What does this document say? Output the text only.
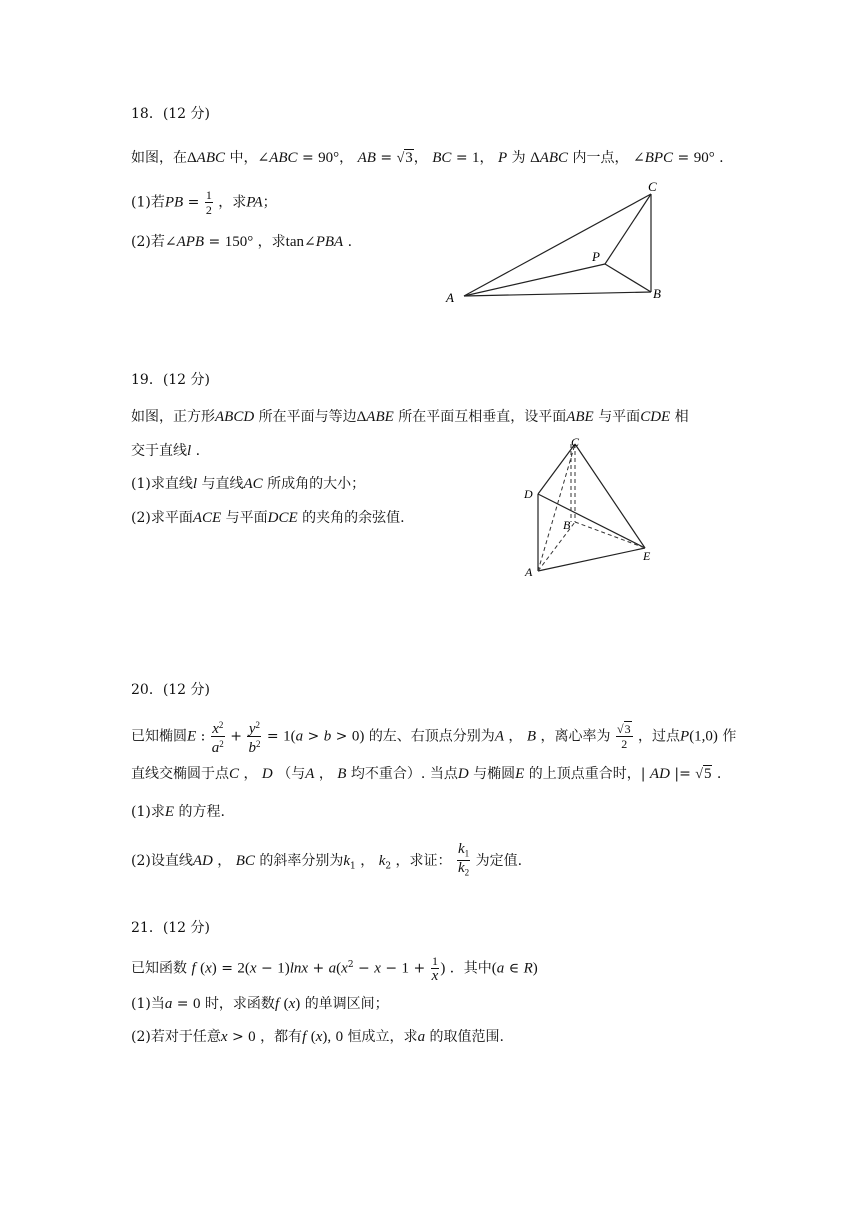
18．(12 分)
如图，在ΔABC 中，∠ABC = 90°， AB = √3， BC = 1， P 为 ΔABC 内一点， ∠BPC = 90° .
(1)若PB = $\frac{1}{2}$ ，求PA；
(2)若∠APB = 150° ，求tan∠PBA .
A	B
C
P
19．(12 分)
如图，正方形ABCD 所在平面与等边ΔABE 所在平面互相垂直，设平面ABE 与平面CDE 相
交于直线l .
(1)求直线l 与直线AC 所成角的大小；
(2)求平面ACE 与平面DCE 的夹角的余弦值.
C
D
B
E
A
20．(12 分)
已知椭圆E : $\frac{x^2}{a^2} + \frac{y^2}{b^2} = 1(a > b > 0)$ 的左、右顶点分别为A ， B ，离心率为 $\frac{√3}{2}$ ，过点P(1,0) 作
直线交椭圆于点C ， D （与A ， B 均不重合）. 当点D 与椭圆E 的上顶点重合时，| AD |= √5 .
(1)求E 的方程.
(2)设直线AD ， BC 的斜率分别为$k_1$ ， $k_2$ ，求证： $\frac{k_1}{k_2}$ 为定值.
21．(12 分)
已知函数 f $(x) = 2(x - 1)\ln x + a(x^2 - x - 1 + \frac{1}{x}$ ) ．其中(a ∈ R)
(1)当a = 0 时，求函数f (x) 的单调区间；
(2)若对于任意x > 0 ，都有f (x), 0 恒成立，求a 的取值范围.
